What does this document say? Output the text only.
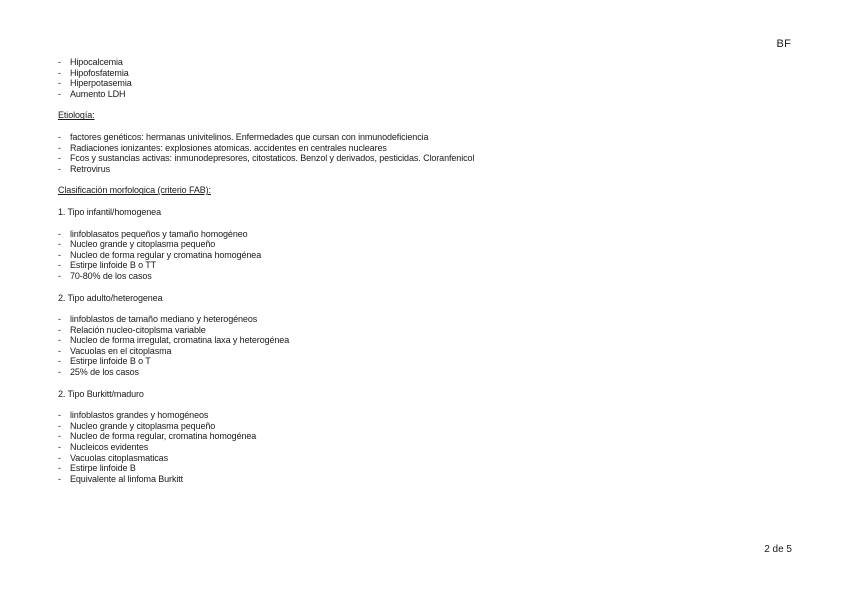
BF
- Hipocalcemia
- Hipofosfatemia
- Hiperpotasemia
- Aumento LDH

Etiología:

- factores genéticos: hermanas univitelinos. Enfermedades que cursan con inmunodeficiencia
- Radiaciones ionizantes: explosiones atomicas. accidentes en centrales nucleares
- Fcos y sustancias activas: inmunodepresores, citostaticos. Benzol y derivados, pesticidas. Cloranfenicol
- Retrovirus

Clasificación morfologica (criterio FAB):

1. Tipo infantil/homogenea

- linfoblasatos pequeños y tamaño homogéneo
- Nucleo grande y citoplasma pequeño
- Nucleo de forma regular y cromatina homogénea
- Estirpe linfoide B o TT
- 70-80% de los casos

2. Tipo adulto/heterogenea

- linfoblastos de tamaño mediano y heterogéneos
- Relación nucleo-citoplsma variable
- Nucleo de forma irregulat, cromatina laxa y heterogénea
- Vacuolas en el citoplasma
- Estirpe linfoide B o T
- 25% de los casos

2. Tipo Burkitt/maduro

- linfoblastos grandes y homogéneos
- Nucleo grande y citoplasma pequeño
- Nucleo de forma regular, cromatina homogénea
- Nucleicos evidentes
- Vacuolas citoplasmaticas
- Estirpe linfoide B
- Equivalente al linfoma Burkitt
2 de 5
